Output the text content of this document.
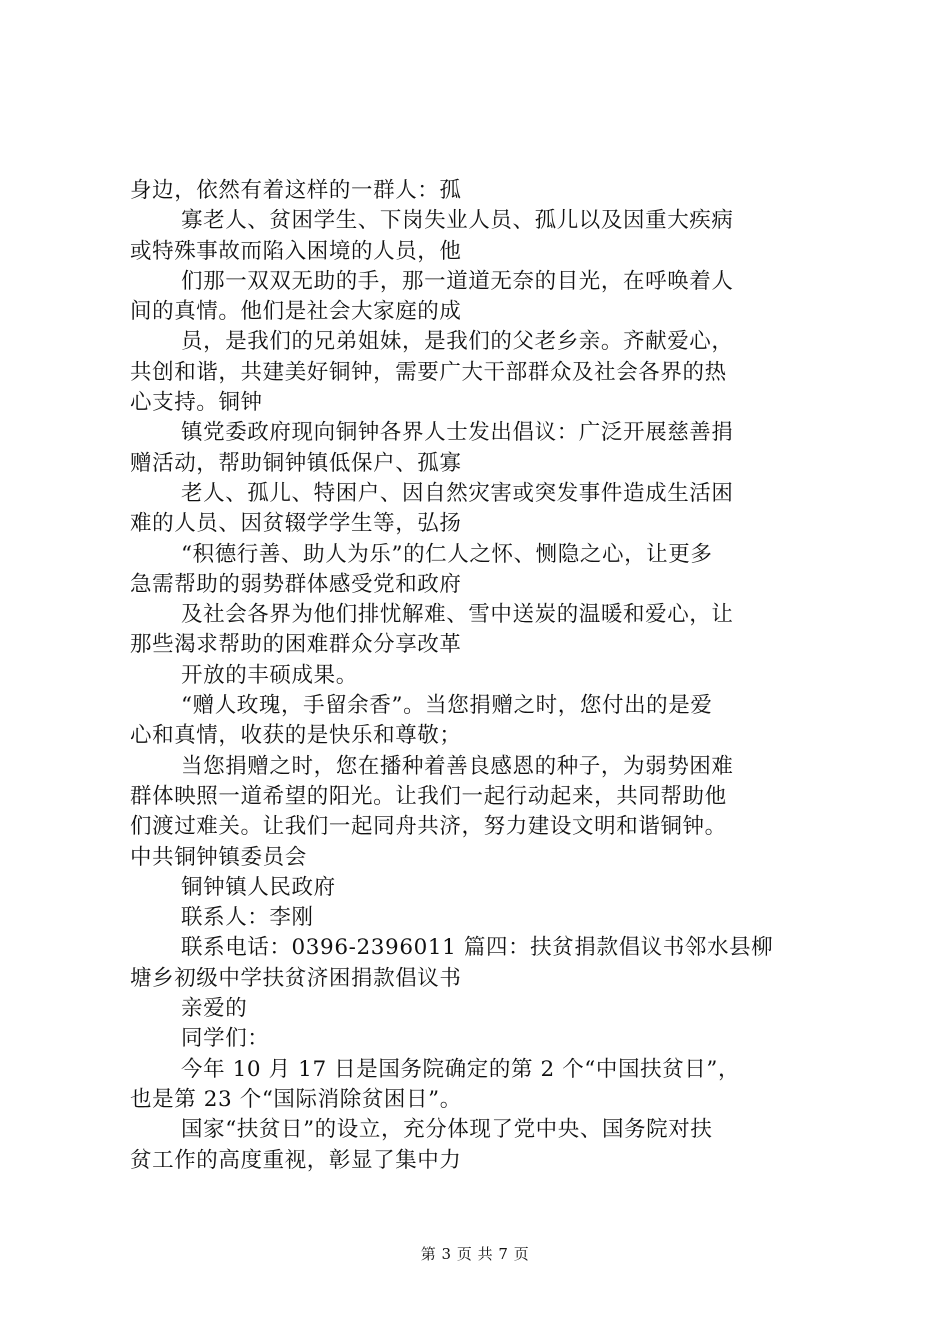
身边，依然有着这样的一群人：孤
寡老人、贫困学生、下岗失业人员、孤儿以及因重大疾病
或特殊事故而陷入困境的人员，他
们那一双双无助的手，那一道道无奈的目光，在呼唤着人
间的真情。他们是社会大家庭的成
员，是我们的兄弟姐妹，是我们的父老乡亲。齐献爱心，
共创和谐，共建美好铜钟，需要广大干部群众及社会各界的热
心支持。铜钟
镇党委政府现向铜钟各界人士发出倡议：广泛开展慈善捐
赠活动，帮助铜钟镇低保户、孤寡
老人、孤儿、特困户、因自然灾害或突发事件造成生活困
难的人员、因贫辍学学生等，弘扬
“积德行善、助人为乐”的仁人之怀、恻隐之心，让更多
急需帮助的弱势群体感受党和政府
及社会各界为他们排忧解难、雪中送炭的温暖和爱心，让
那些渴求帮助的困难群众分享改革
开放的丰硕成果。
“赠人玫瑰，手留余香”。当您捐赠之时，您付出的是爱
心和真情，收获的是快乐和尊敬；
当您捐赠之时，您在播种着善良感恩的种子，为弱势困难
群体映照一道希望的阳光。让我们一起行动起来，共同帮助他
们渡过难关。让我们一起同舟共济，努力建设文明和谐铜钟。
中共铜钟镇委员会
铜钟镇人民政府
联系人：李刚
联系电话：0396-2396011 篇四：扶贫捐款倡议书邻水县柳
塘乡初级中学扶贫济困捐款倡议书
亲爱的
同学们：
今年 10 月 17 日是国务院确定的第 2 个“中国扶贫日”，
也是第 23 个“国际消除贫困日”。
国家“扶贫日”的设立，充分体现了党中央、国务院对扶
贫工作的高度重视，彰显了集中力
第 3 页 共 7 页
